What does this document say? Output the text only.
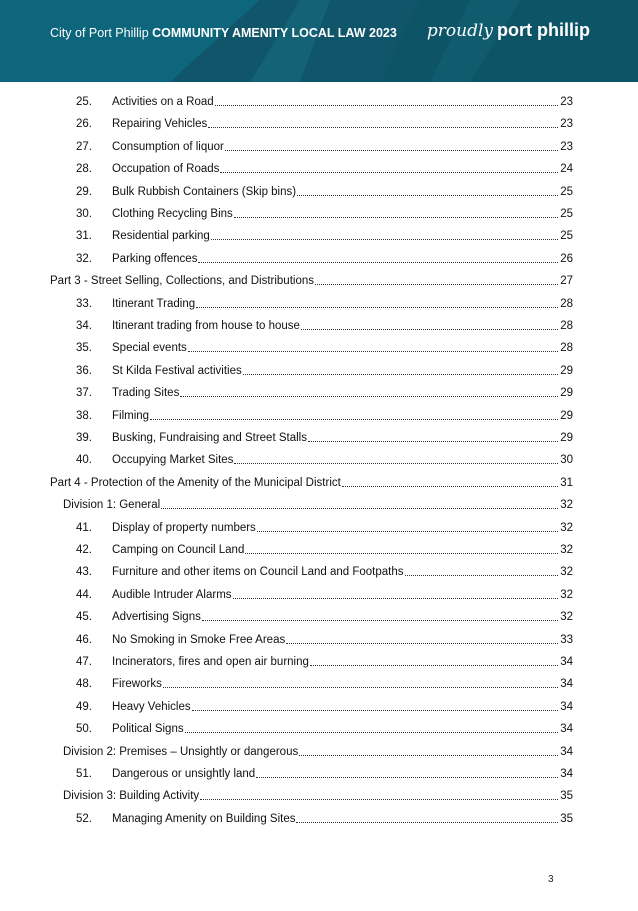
City of Port Phillip COMMUNITY AMENITY LOCAL LAW 2023 proudly port phillip
25.	Activities on a Road	23
26.	Repairing Vehicles	23
27.	Consumption of liquor	23
28.	Occupation of Roads	24
29.	Bulk Rubbish Containers (Skip bins)	25
30.	Clothing Recycling Bins	25
31.	Residential parking	25
32.	Parking offences	26
Part 3 - Street Selling, Collections, and Distributions	27
33.	Itinerant Trading	28
34.	Itinerant trading from house to house	28
35.	Special events	28
36.	St Kilda Festival activities	29
37.	Trading Sites	29
38.	Filming	29
39.	Busking, Fundraising and Street Stalls	29
40.	Occupying Market Sites	30
Part 4 - Protection of the Amenity of the Municipal District	31
Division 1: General	32
41.	Display of property numbers	32
42.	Camping on Council Land	32
43.	Furniture and other items on Council Land and Footpaths	32
44.	Audible Intruder Alarms	32
45.	Advertising Signs	32
46.	No Smoking in Smoke Free Areas	33
47.	Incinerators, fires and open air burning	34
48.	Fireworks	34
49.	Heavy Vehicles	34
50.	Political Signs	34
Division 2: Premises – Unsightly or dangerous	34
51.	Dangerous or unsightly land	34
Division 3: Building Activity	35
52.	Managing Amenity on Building Sites	35
3
